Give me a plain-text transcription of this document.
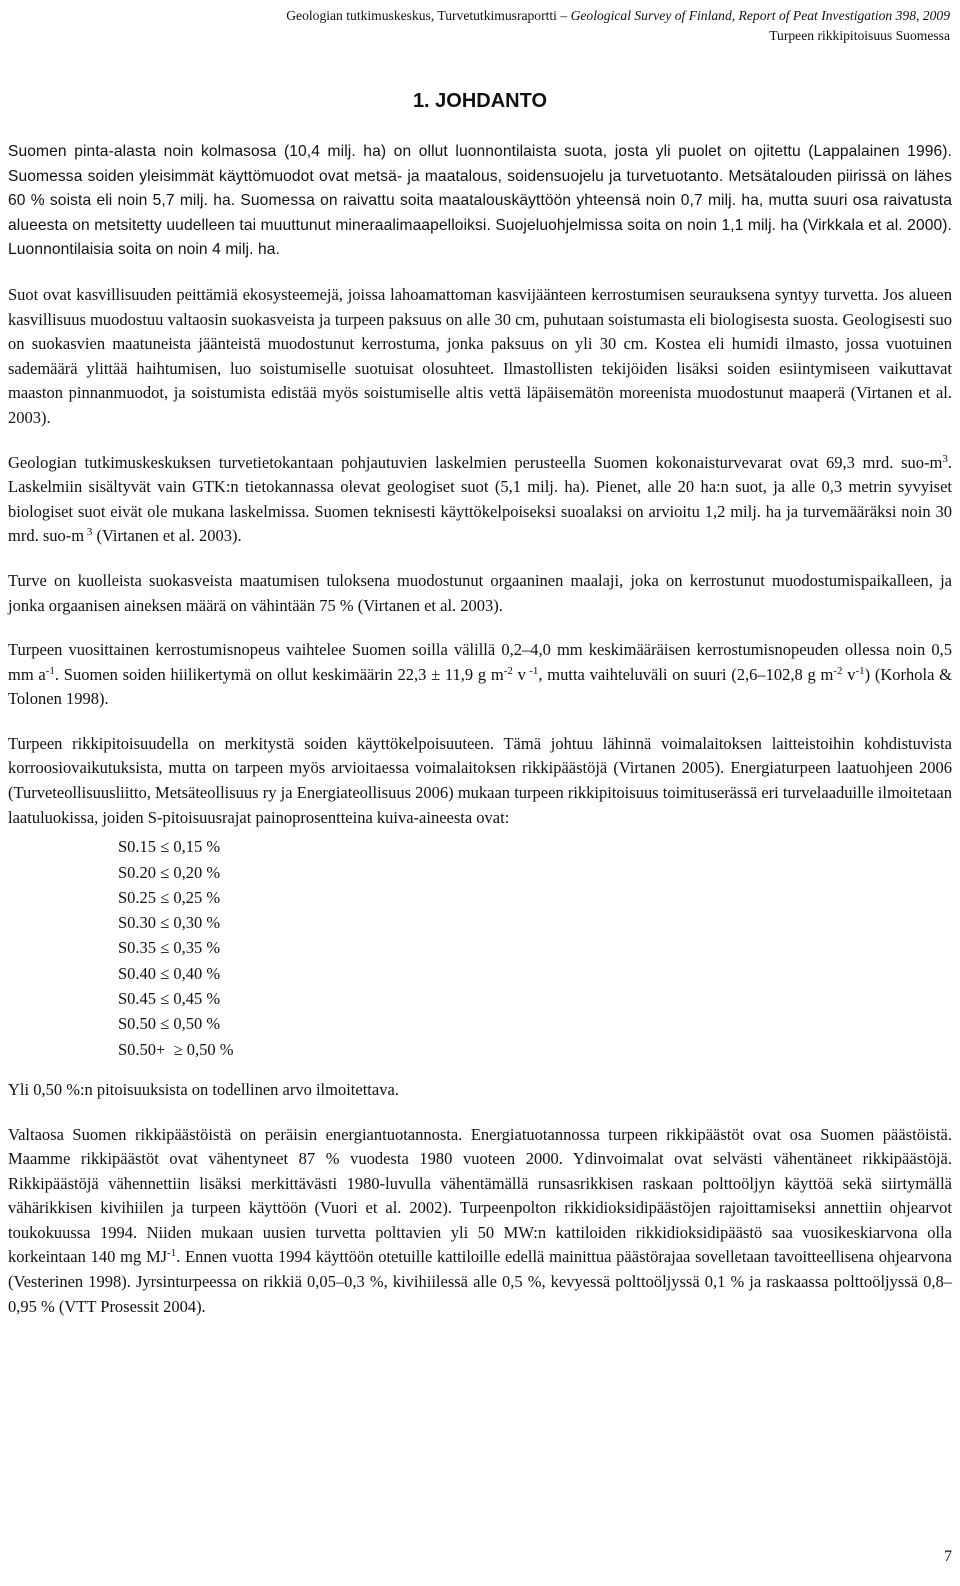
Geologian tutkimuskeskus, Turvetutkimusraportti – Geological Survey of Finland, Report of Peat Investigation 398, 2009
Turpeen rikkipitoisuus Suomessa
1. JOHDANTO

Suomen pinta-alasta noin kolmasosa (10,4 milj. ha) on ollut luonnontilaista suota, josta yli puolet on ojitettu (Lappalainen 1996). Suomessa soiden yleisimmät käyttömuodot ovat metsä- ja maatalous, soidensuojelu ja turvetuotanto. Metsätalouden piirissä on lähes 60 % soista eli noin 5,7 milj. ha. Suomessa on raivattu soita maatalouskäyttöön yhteensä noin 0,7 milj. ha, mutta suuri osa raivatusta alueesta on metsitetty uudelleen tai muuttunut mineraalimaapelloiksi. Suojeluohjelmissa soita on noin 1,1 milj. ha (Virkkala et al. 2000). Luonnontilaisia soita on noin 4 milj. ha.

Suot ovat kasvillisuuden peittämiä ekosysteemejä, joissa lahoamattoman kasvijäänteen kerrostumisen seurauksena syntyy turvetta. Jos alueen kasvillisuus muodostuu valtaosin suokasveista ja turpeen paksuus on alle 30 cm, puhutaan soistumasta eli biologisesta suosta. Geologisesti suo on suokasvien maatuneista jäänteistä muodostunut kerrostuma, jonka paksuus on yli 30 cm. Kostea eli humidi ilmasto, jossa vuotuinen sademäärä ylittää haihtumisen, luo soistumiselle suotuisat olosuhteet. Ilmastollisten tekijöiden lisäksi soiden esiintymiseen vaikuttavat maaston pinnanmuodot, ja soistumista edistää myös soistumiselle altis vettä läpäisemätön moreenista muodostunut maaperä (Virtanen et al. 2003).

Geologian tutkimuskeskuksen turvetietokantaan pohjautuvien laskelmien perusteella Suomen kokonaisturvevarat ovat 69,3 mrd. suo-$m^3$. Laskelmiin sisältyvät vain GTK:n tietokannassa olevat geologiset suot (5,1 milj. ha). Pienet, alle 20 ha:n suot, ja alle 0,3 metrin syvyiset biologiset suot eivät ole mukana laskelmissa. Suomen teknisesti käyttökelpoiseksi suoalaksi on arvioitu 1,2 milj. ha ja turvemääräksi noin 30 mrd. suo-m $^3$ (Virtanen et al. 2003).

Turve on kuolleista suokasveista maatumisen tuloksena muodostunut orgaaninen maalaji, joka on kerrostunut muodostumispaikalleen, ja jonka orgaanisen aineksen määrä on vähintään 75 % (Virtanen et al. 2003).

Turpeen vuosittainen kerrostumisnopeus vaihtelee Suomen soilla välillä 0,2–4,0 mm keskimääräisen kerrostumisnopeuden ollessa noin 0,5 mm $a^{-1}$. Suomen soiden hiilikertymä on ollut keskimäärin 22,3 ± 11,9 g $m^{-2}$ v $^{-1}$, mutta vaihteluväli on suuri (2,6–102,8 g $m^{-2}$ $v^{-1}$) (Korhola & Tolonen 1998).

Turpeen rikkipitoisuudella on merkitystä soiden käyttökelpoisuuteen. Tämä johtuu lähinnä voimalaitoksen laitteistoihin kohdistuvista korroosiovaikutuksista, mutta on tarpeen myös arvioitaessa voimalaitoksen rikkipäästöjä (Virtanen 2005). Energiaturpeen laatuohjeen 2006 (Turveteollisuusliitto, Metsäteollisuus ry ja Energiateollisuus 2006) mukaan turpeen rikkipitoisuus toimituserässä eri turvelaaduille ilmoitetaan laatuluokissa, joiden S-pitoisuusrajat painoprosentteina kuiva-aineesta ovat:

S0.15 ≤ 0,15 %
S0.20 ≤ 0,20 %
S0.25 ≤ 0,25 %
S0.30 ≤ 0,30 %
S0.35 ≤ 0,35 %
S0.40 ≤ 0,40 %
S0.45 ≤ 0,45 %
S0.50 ≤ 0,50 %
S0.50+  ≥ 0,50 %

Yli 0,50 %:n pitoisuuksista on todellinen arvo ilmoitettava.

Valtaosa Suomen rikkipäästöistä on peräisin energiantuotannosta. Energiatuotannossa turpeen rikkipäästöt ovat osa Suomen päästöistä. Maamme rikkipäästöt ovat vähentyneet 87 % vuodesta 1980 vuoteen 2000. Ydinvoimalat ovat selvästi vähentäneet rikkipäästöjä. Rikkipäästöjä vähennettiin lisäksi merkittävästi 1980-luvulla vähentämällä runsasrikkisen raskaan polttoöljyn käyttöä sekä siirtymällä vähärikkisen kivihiilen ja turpeen käyttöön (Vuori et al. 2002). Turpeenpolton rikkidioksidipäästöjen rajoittamiseksi annettiin ohjearvot toukokuussa 1994. Niiden mukaan uusien turvetta polttavien yli 50 MW:n kattiloiden rikkidioksidipäästö saa vuosikeskiarvona olla korkeintaan 140 mg $MJ^{-1}$. Ennen vuotta 1994 käyttöön otetuille kattiloille edellä mainittua päästörajaa sovelletaan tavoitteellisena ohjearvona (Vesterinen 1998). Jyrsinturpeessa on rikkiä 0,05–0,3 %, kivihiilessä alle 0,5 %, kevyessä polttoöljyssä 0,1 % ja raskaassa polttoöljyssä 0,8–0,95 % (VTT Prosessit 2004).

7
